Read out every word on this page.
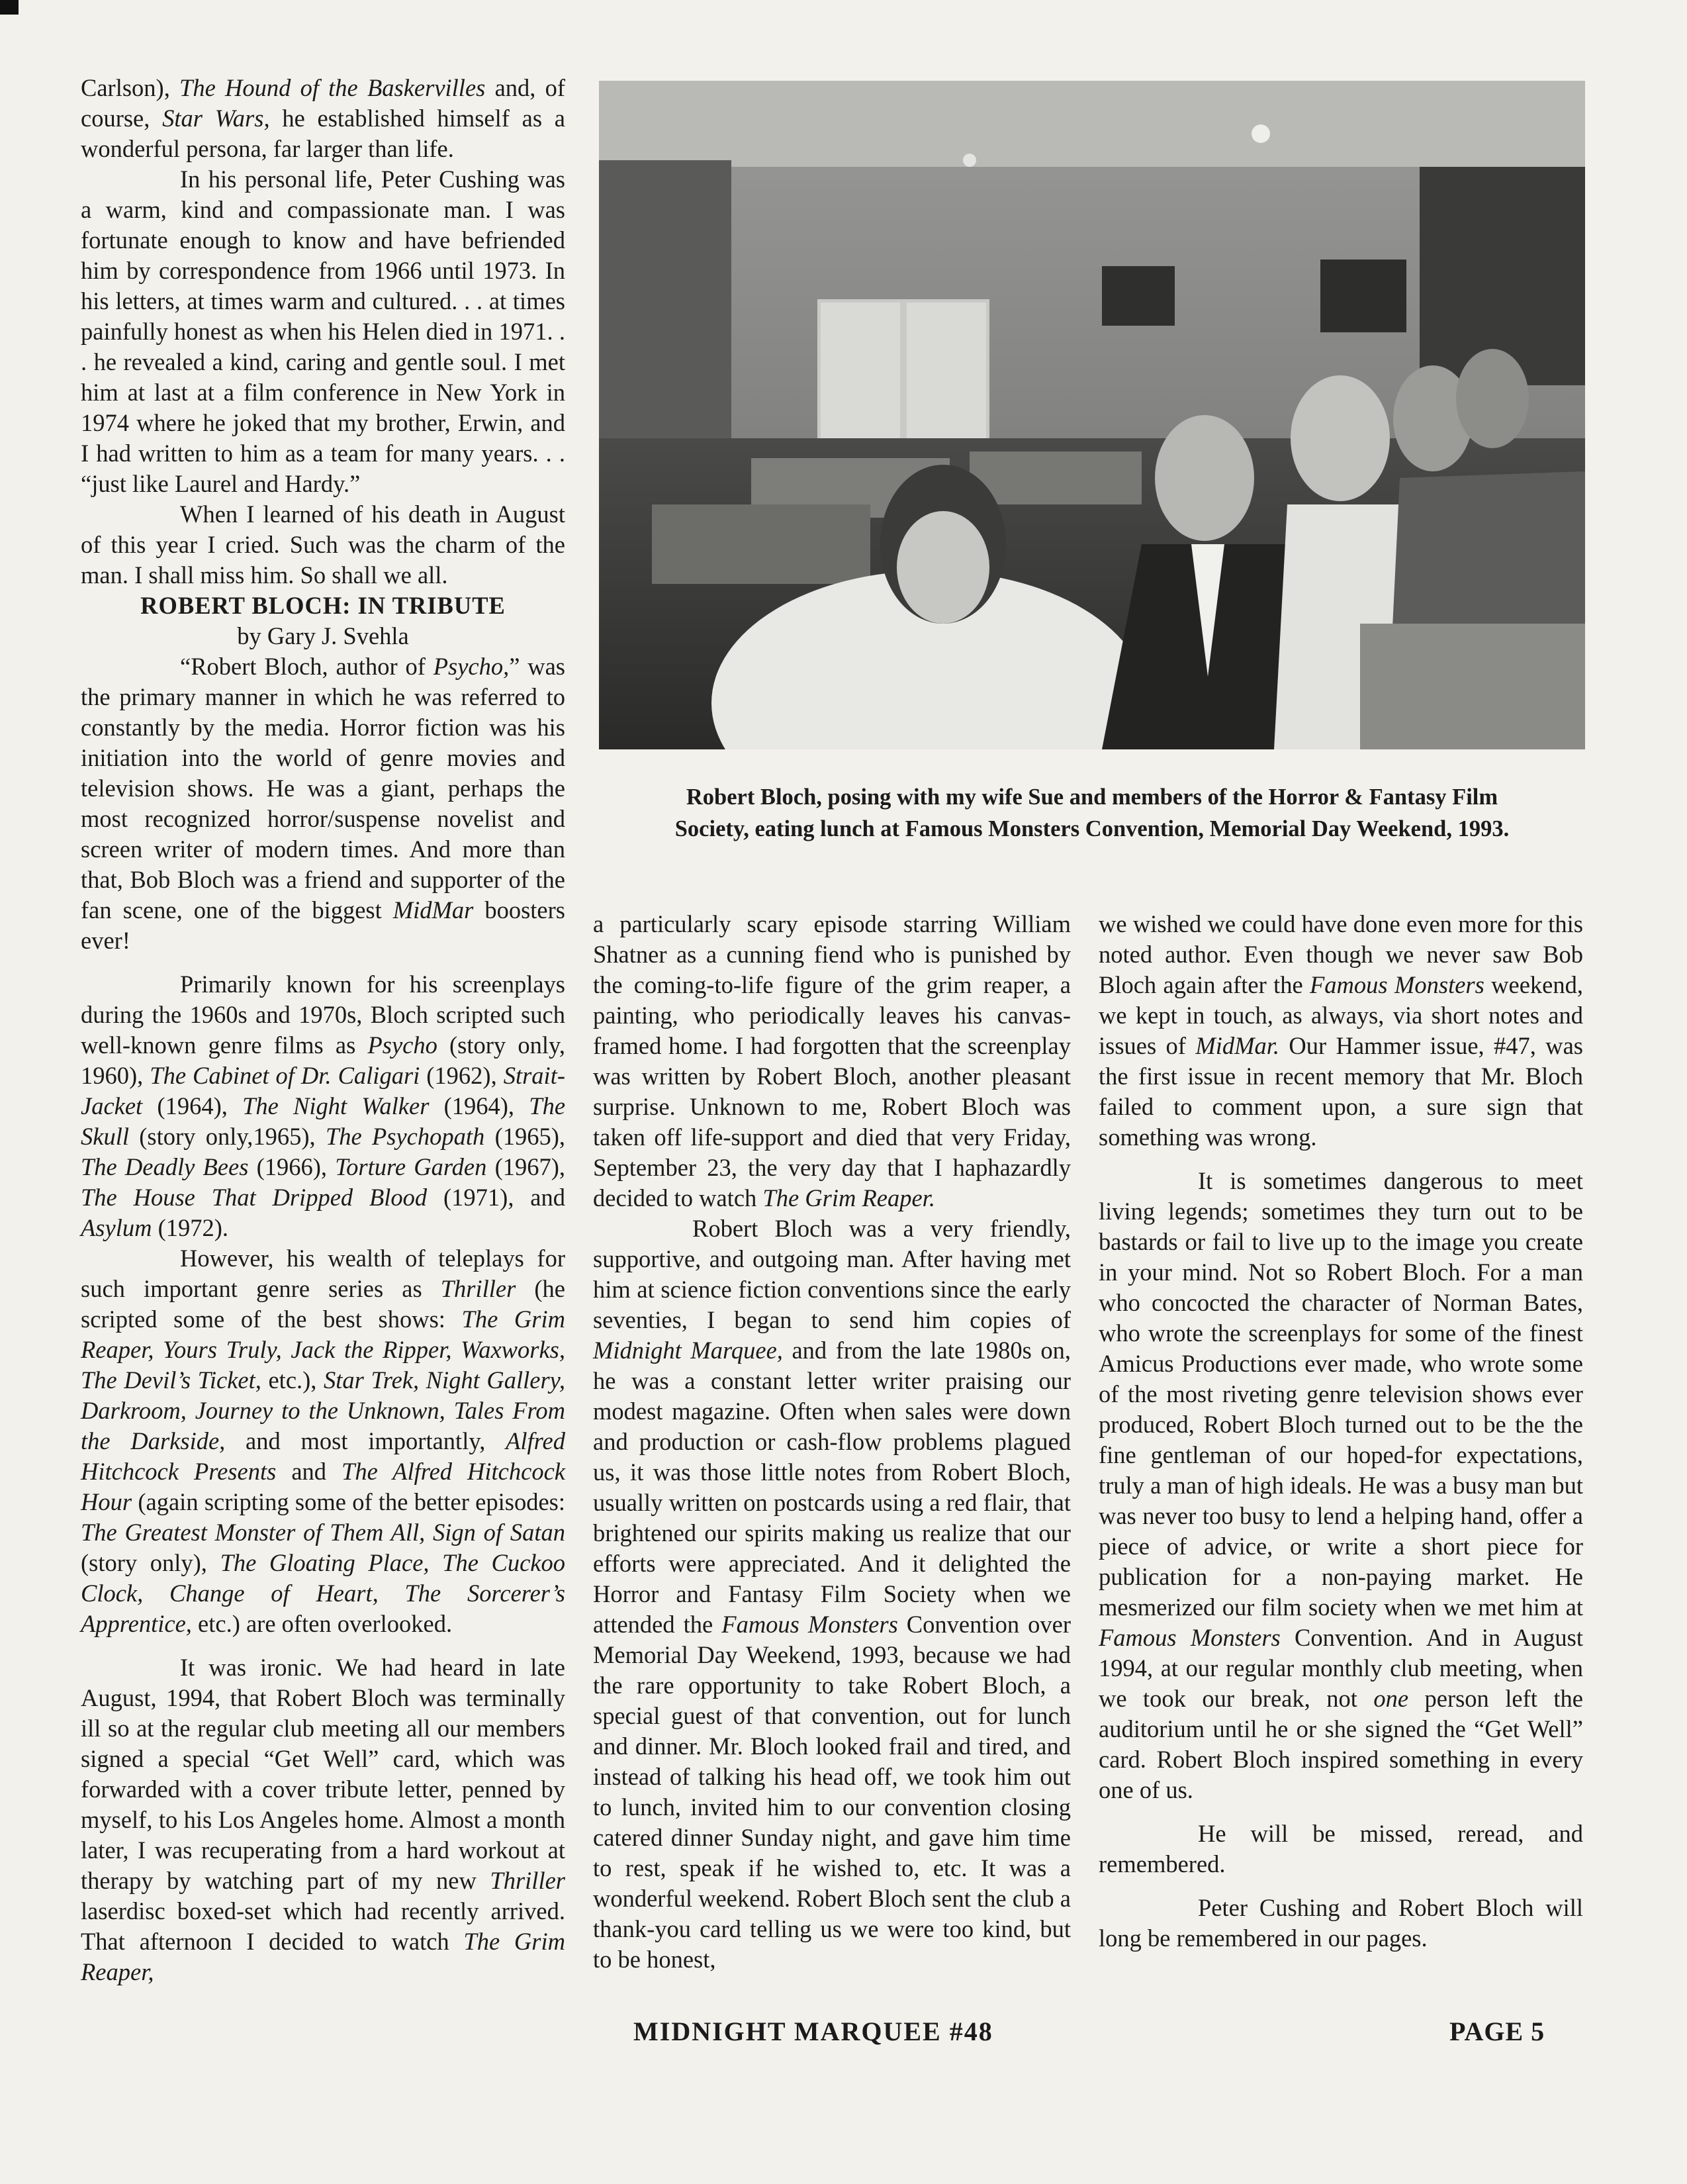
Carlson), The Hound of the Baskervilles and, of course, Star Wars, he established himself as a wonderful persona, far larger than life.

In his personal life, Peter Cushing was a warm, kind and compassionate man. I was fortunate enough to know and have befriended him by correspondence from 1966 until 1973. In his letters, at times warm and cultured. . . at times painfully honest as when his Helen died in 1971. . . he revealed a kind, caring and gentle soul. I met him at last at a film conference in New York in 1974 where he joked that my brother, Erwin, and I had written to him as a team for many years. . . “just like Laurel and Hardy.”

When I learned of his death in August of this year I cried. Such was the charm of the man. I shall miss him. So shall we all.

ROBERT BLOCH: IN TRIBUTE

by Gary J. Svehla

“Robert Bloch, author of Psycho,” was the primary manner in which he was referred to constantly by the media. Horror fiction was his initiation into the world of genre movies and television shows. He was a giant, perhaps the most recognized horror/suspense novelist and screen writer of modern times. And more than that, Bob Bloch was a friend and supporter of the fan scene, one of the biggest MidMar boosters ever!

Primarily known for his screenplays during the 1960s and 1970s, Bloch scripted such well-known genre films as Psycho (story only, 1960), The Cabinet of Dr. Caligari (1962), Strait-Jacket (1964), The Night Walker (1964), The Skull (story only,1965), The Psychopath (1965), The Deadly Bees (1966), Torture Garden (1967), The House That Dripped Blood (1971), and Asylum (1972).

However, his wealth of teleplays for such important genre series as Thriller (he scripted some of the best shows: The Grim Reaper, Yours Truly, Jack the Ripper, Waxworks, The Devil’s Ticket, etc.), Star Trek, Night Gallery, Darkroom, Journey to the Unknown, Tales From the Darkside, and most importantly, Alfred Hitchcock Presents and The Alfred Hitchcock Hour (again scripting some of the better episodes: The Greatest Monster of Them All, Sign of Satan (story only), The Gloating Place, The Cuckoo Clock, Change of Heart, The Sorcerer’s Apprentice, etc.) are often overlooked.

It was ironic. We had heard in late August, 1994, that Robert Bloch was terminally ill so at the regular club meeting all our members signed a special “Get Well” card, which was forwarded with a cover tribute letter, penned by myself, to his Los Angeles home. Almost a month later, I was recuperating from a hard workout at therapy by watching part of my new Thriller laserdisc boxed-set which had recently arrived. That afternoon I decided to watch The Grim Reaper,

Robert Bloch, posing with my wife Sue and members of the Horror & Fantasy Film
Society, eating lunch at Famous Monsters Convention, Memorial Day Weekend, 1993.

a particularly scary episode starring William Shatner as a cunning fiend who is punished by the coming-to-life figure of the grim reaper, a painting, who periodically leaves his canvas-framed home. I had forgotten that the screenplay was written by Robert Bloch, another pleasant surprise. Unknown to me, Robert Bloch was taken off life-support and died that very Friday, September 23, the very day that I haphazardly decided to watch The Grim Reaper.

Robert Bloch was a very friendly, supportive, and outgoing man. After having met him at science fiction conventions since the early seventies, I began to send him copies of Midnight Marquee, and from the late 1980s on, he was a constant letter writer praising our modest magazine. Often when sales were down and production or cash-flow problems plagued us, it was those little notes from Robert Bloch, usually written on postcards using a red flair, that brightened our spirits making us realize that our efforts were appreciated. And it delighted the Horror and Fantasy Film Society when we attended the Famous Monsters Convention over Memorial Day Weekend, 1993, because we had the rare opportunity to take Robert Bloch, a special guest of that convention, out for lunch and dinner. Mr. Bloch looked frail and tired, and instead of talking his head off, we took him out to lunch, invited him to our convention closing catered dinner Sunday night, and gave him time to rest, speak if he wished to, etc. It was a wonderful weekend. Robert Bloch sent the club a thank-you card telling us we were too kind, but to be honest,

we wished we could have done even more for this noted author. Even though we never saw Bob Bloch again after the Famous Monsters weekend, we kept in touch, as always, via short notes and issues of MidMar. Our Hammer issue, #47, was the first issue in recent memory that Mr. Bloch failed to comment upon, a sure sign that something was wrong.

It is sometimes dangerous to meet living legends; sometimes they turn out to be bastards or fail to live up to the image you create in your mind. Not so Robert Bloch. For a man who concocted the character of Norman Bates, who wrote the screenplays for some of the finest Amicus Productions ever made, who wrote some of the most riveting genre television shows ever produced, Robert Bloch turned out to be the the fine gentleman of our hoped-for expectations, truly a man of high ideals. He was a busy man but was never too busy to lend a helping hand, offer a piece of advice, or write a short piece for publication for a non-paying market. He mesmerized our film society when we met him at Famous Monsters Convention. And in August 1994, at our regular monthly club meeting, when we took our break, not one person left the auditorium until he or she signed the “Get Well” card. Robert Bloch inspired something in every one of us.

He will be missed, reread, and remembered.

Peter Cushing and Robert Bloch will long be remembered in our pages.

MIDNIGHT MARQUEE #48	PAGE 5
